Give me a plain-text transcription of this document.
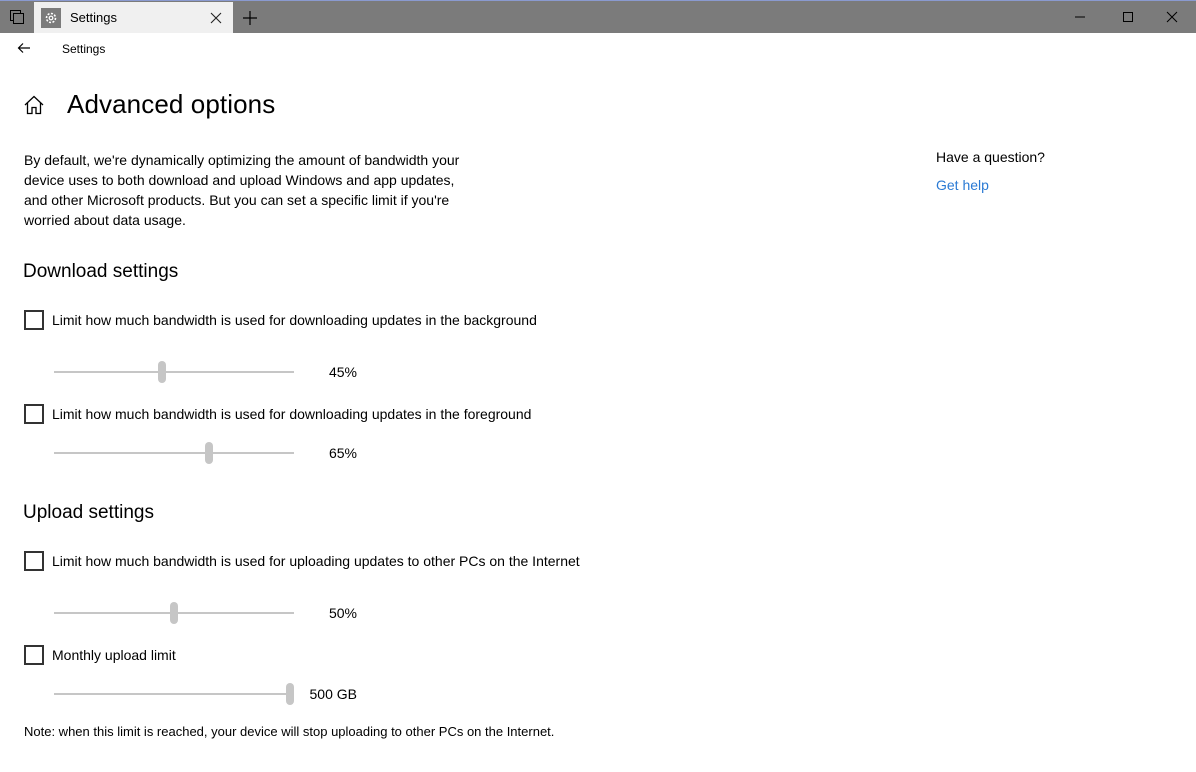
Settings
Settings
Advanced options

By default, we're dynamically optimizing the amount of bandwidth your device uses to both download and upload Windows and app updates, and other Microsoft products. But you can set a specific limit if you're worried about data usage.

Download settings
Limit how much bandwidth is used for downloading updates in the background
45%
Limit how much bandwidth is used for downloading updates in the foreground
65%
Upload settings
Limit how much bandwidth is used for uploading updates to other PCs on the Internet
50%
Monthly upload limit
500 GB

Note: when this limit is reached, your device will stop uploading to other PCs on the Internet.

Have a question?
Get help
